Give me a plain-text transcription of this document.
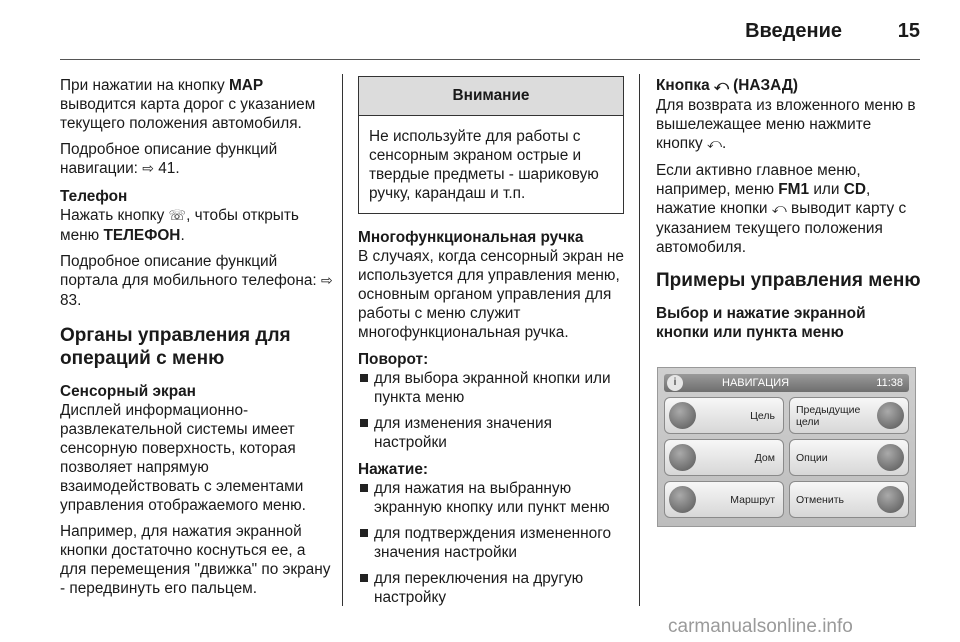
Введение	15

При нажатии на кнопку MAP выводится карта дорог с указанием текущего положения автомобиля.

Подробное описание функций навигации: ⇨ 41.

Телефон

Нажать кнопку ☏, чтобы открыть меню ТЕЛЕФОН.

Подробное описание функций портала для мобильного телефона: ⇨ 83.

Органы управления для операций с меню

Сенсорный экран

Дисплей информационно-развлекательной системы имеет сенсорную поверхность, которая позволяет напрямую взаимодействовать с элементами управления отображаемого меню.

Например, для нажатия экранной кнопки достаточно коснуться ее, а для перемещения "движка" по экрану - передвинуть его пальцем.

Внимание
Не используйте для работы с сенсорным экраном острые и твердые предметы - шариковую ручку, карандаш и т.п.

Многофункциональная ручка

В случаях, когда сенсорный экран не используется для управления меню, основным органом управления для работы с меню служит многофункциональная ручка.

Поворот:

для выбора экранной кнопки или пункта меню
для изменения значения настройки

Нажатие:

для нажатия на выбранную экранную кнопку или пункт меню
для подтверждения измененного значения настройки
для переключения на другую настройку

Кнопка ⤺ (НАЗАД)

Для возврата из вложенного меню в вышележащее меню нажмите кнопку ⤺.

Если активно главное меню, например, меню FM1 или CD, нажатие кнопки ⤺ выводит карту с указанием текущего положения автомобиля.

Примеры управления меню

Выбор и нажатие экранной кнопки или пункта меню

i	НАВИГАЦИЯ	11:38
Цель Предыдущие цели
Дом Опции
Маршрут Отменить
carmanualsonline.info
